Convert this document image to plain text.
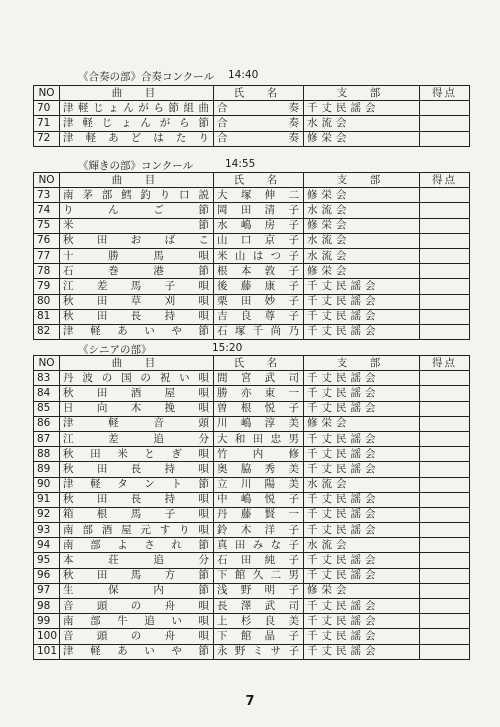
《合奏の部》合奏コンクール 14:40
NO	曲　目	氏　名	支　部	得点
70	津軽じょんがら節組曲	合　奏	千丈民謡会	
71	津軽じょんがら節	合　奏	水流会	
72	津軽あどはたり	合　奏	修栄会	
《輝きの部》コンクール	14:55
NO	曲　目	氏　名	支　部	得点
73	南茅部鱈釣り口説	大塚伸二	修栄会	
74	りんご節	岡田清子	水流会	
75	米節	水嶋房子	修栄会	
76	秋田おばこ	山口京子	水流会	
77	十勝馬唄	米山はつ子	水流会	
78	石巻港節	根本敦子	修栄会	
79	江差馬子唄	後藤康子	千丈民謡会	
80	秋田草刈唄	栗田妙子	千丈民謡会	
81	秋田長持唄	吉良尊子	千丈民謡会	
82	津軽あいや節	石塚千尚乃	千丈民謡会	
《シニアの部》	15:20
NO	曲　目	氏　名	支　部	得点
83	丹波の国の祝い唄	間宮武司	千丈民謡会	
84	秋田酒屋唄	勝亦東一	千丈民謡会	
85	日向木挽唄	曽根悦子	千丈民謡会	
86	津軽音頭	川嶋淳美	修栄会	
87	江差追分	大和田忠男	千丈民謡会	
88	秋田米とぎ唄	竹内修	千丈民謡会	
89	秋田長持唄	奥脇秀美	千丈民謡会	
90	津軽タント節	立川陽美	水流会	
91	秋田長持唄	中嶋悦子	千丈民謡会	
92	箱根馬子唄	丹藤賢一	千丈民謡会	
93	南部酒屋元すり唄	鈴木洋子	千丈民謡会	
94	南部よされ節	真田みな子	水流会	
95	本荘追分	石田純子	千丈民謡会	
96	秋田馬方節	下館久二男	千丈民謡会	
97	生保内節	浅野明子	修栄会	
98	音頭の舟唄	長澤武司	千丈民謡会	
99	南部牛追い唄	上杉良美	千丈民謡会	
100	音頭の舟唄	下館晶子	千丈民謡会	
101	津軽あいや節	永野ミサ子	千丈民謡会	
7
